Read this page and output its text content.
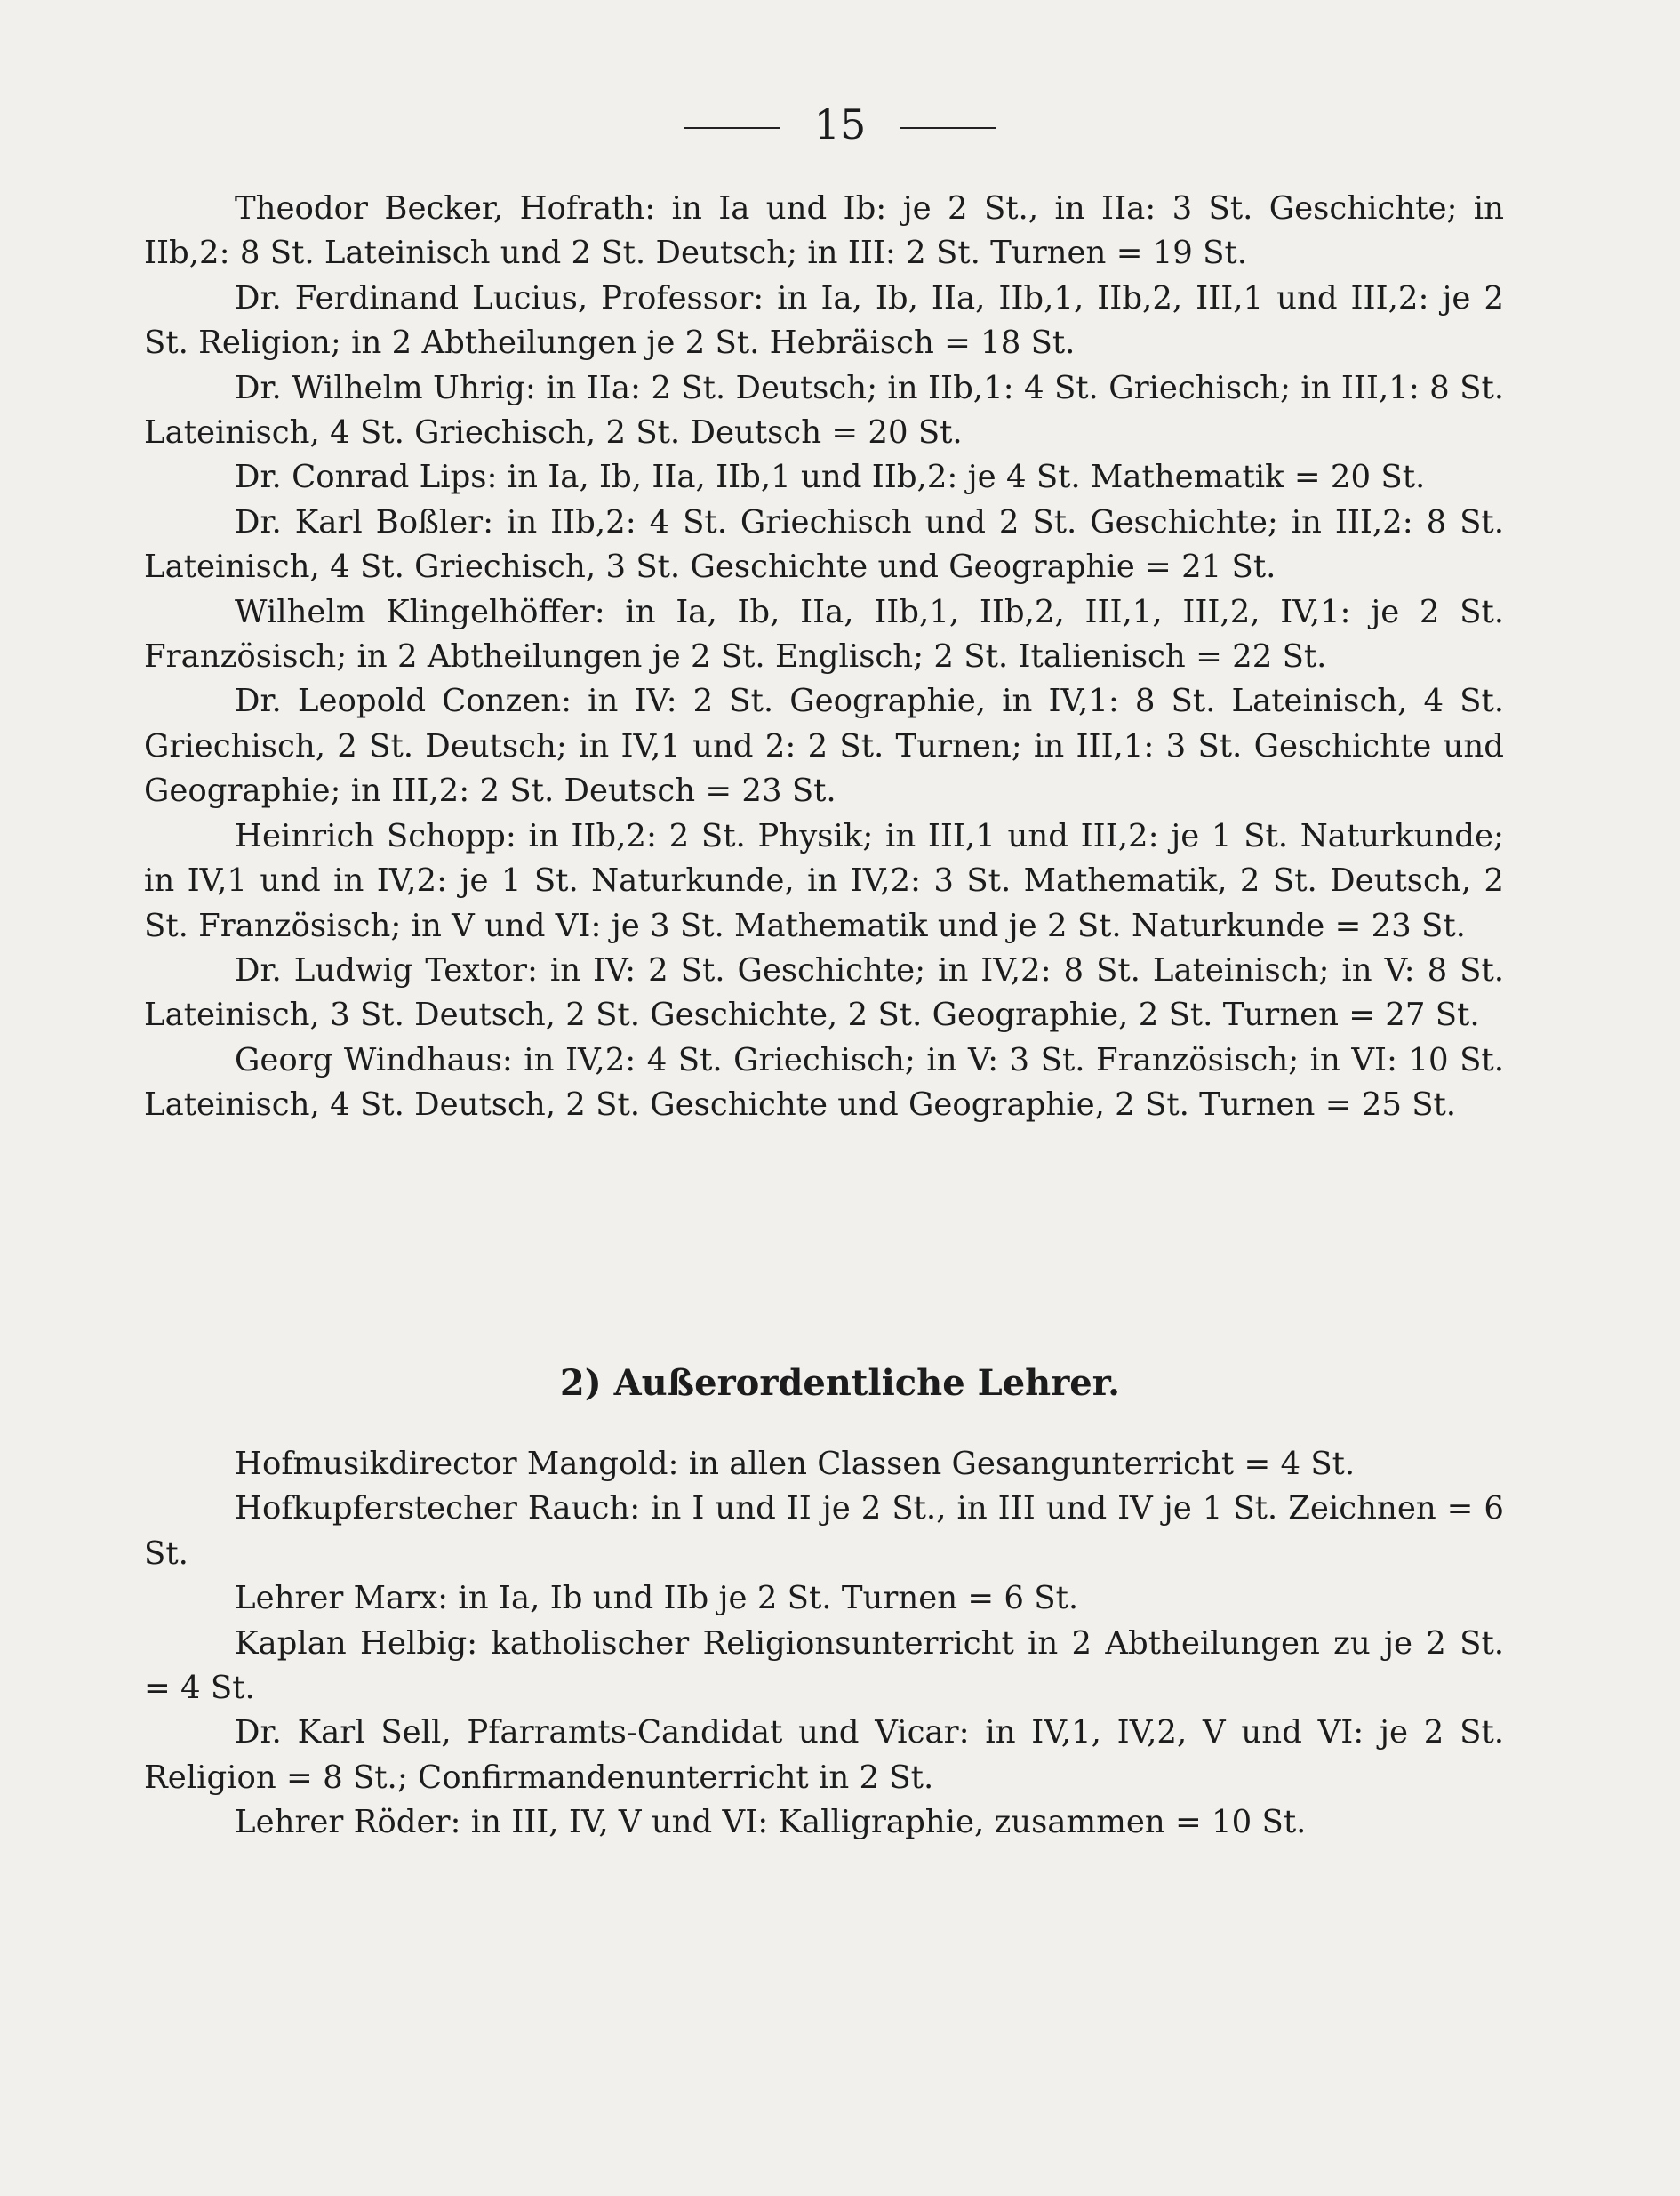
15

Theodor Becker, Hofrath: in Ia und Ib: je 2 St., in IIa: 3 St. Geschichte; in IIb,2: 8 St. Lateinisch und 2 St. Deutsch; in III: 2 St. Turnen = 19 St.

Dr. Ferdinand Lucius, Professor: in Ia, Ib, IIa, IIb,1, IIb,2, III,1 und III,2: je 2 St. Religion; in 2 Abtheilungen je 2 St. Hebräisch = 18 St.

Dr. Wilhelm Uhrig: in IIa: 2 St. Deutsch; in IIb,1: 4 St. Griechisch; in III,1: 8 St. Lateinisch, 4 St. Griechisch, 2 St. Deutsch = 20 St.

Dr. Conrad Lips: in Ia, Ib, IIa, IIb,1 und IIb,2: je 4 St. Mathematik = 20 St.

Dr. Karl Boßler: in IIb,2: 4 St. Griechisch und 2 St. Geschichte; in III,2: 8 St. Lateinisch, 4 St. Griechisch, 3 St. Geschichte und Geographie = 21 St.

Wilhelm Klingelhöffer: in Ia, Ib, IIa, IIb,1, IIb,2, III,1, III,2, IV,1: je 2 St. Französisch; in 2 Abtheilungen je 2 St. Englisch; 2 St. Italienisch = 22 St.

Dr. Leopold Conzen: in IV: 2 St. Geographie, in IV,1: 8 St. Lateinisch, 4 St. Griechisch, 2 St. Deutsch; in IV,1 und 2: 2 St. Turnen; in III,1: 3 St. Geschichte und Geographie; in III,2: 2 St. Deutsch = 23 St.

Heinrich Schopp: in IIb,2: 2 St. Physik; in III,1 und III,2: je 1 St. Naturkunde; in IV,1 und in IV,2: je 1 St. Naturkunde, in IV,2: 3 St. Mathematik, 2 St. Deutsch, 2 St. Französisch; in V und VI: je 3 St. Mathematik und je 2 St. Naturkunde = 23 St.

Dr. Ludwig Textor: in IV: 2 St. Geschichte; in IV,2: 8 St. Lateinisch; in V: 8 St. Lateinisch, 3 St. Deutsch, 2 St. Geschichte, 2 St. Geographie, 2 St. Turnen = 27 St.

Georg Windhaus: in IV,2: 4 St. Griechisch; in V: 3 St. Französisch; in VI: 10 St. Lateinisch, 4 St. Deutsch, 2 St. Geschichte und Geographie, 2 St. Turnen = 25 St.

2) Außerordentliche Lehrer.

Hofmusikdirector Mangold: in allen Classen Gesangunterricht = 4 St.

Hofkupferstecher Rauch: in I und II je 2 St., in III und IV je 1 St. Zeichnen = 6 St.

Lehrer Marx: in Ia, Ib und IIb je 2 St. Turnen = 6 St.

Kaplan Helbig: katholischer Religionsunterricht in 2 Abtheilungen zu je 2 St. = 4 St.

Dr. Karl Sell, Pfarramts-Candidat und Vicar: in IV,1, IV,2, V und VI: je 2 St. Religion = 8 St.; Confirmandenunterricht in 2 St.

Lehrer Röder: in III, IV, V und VI: Kalligraphie, zusammen = 10 St.
